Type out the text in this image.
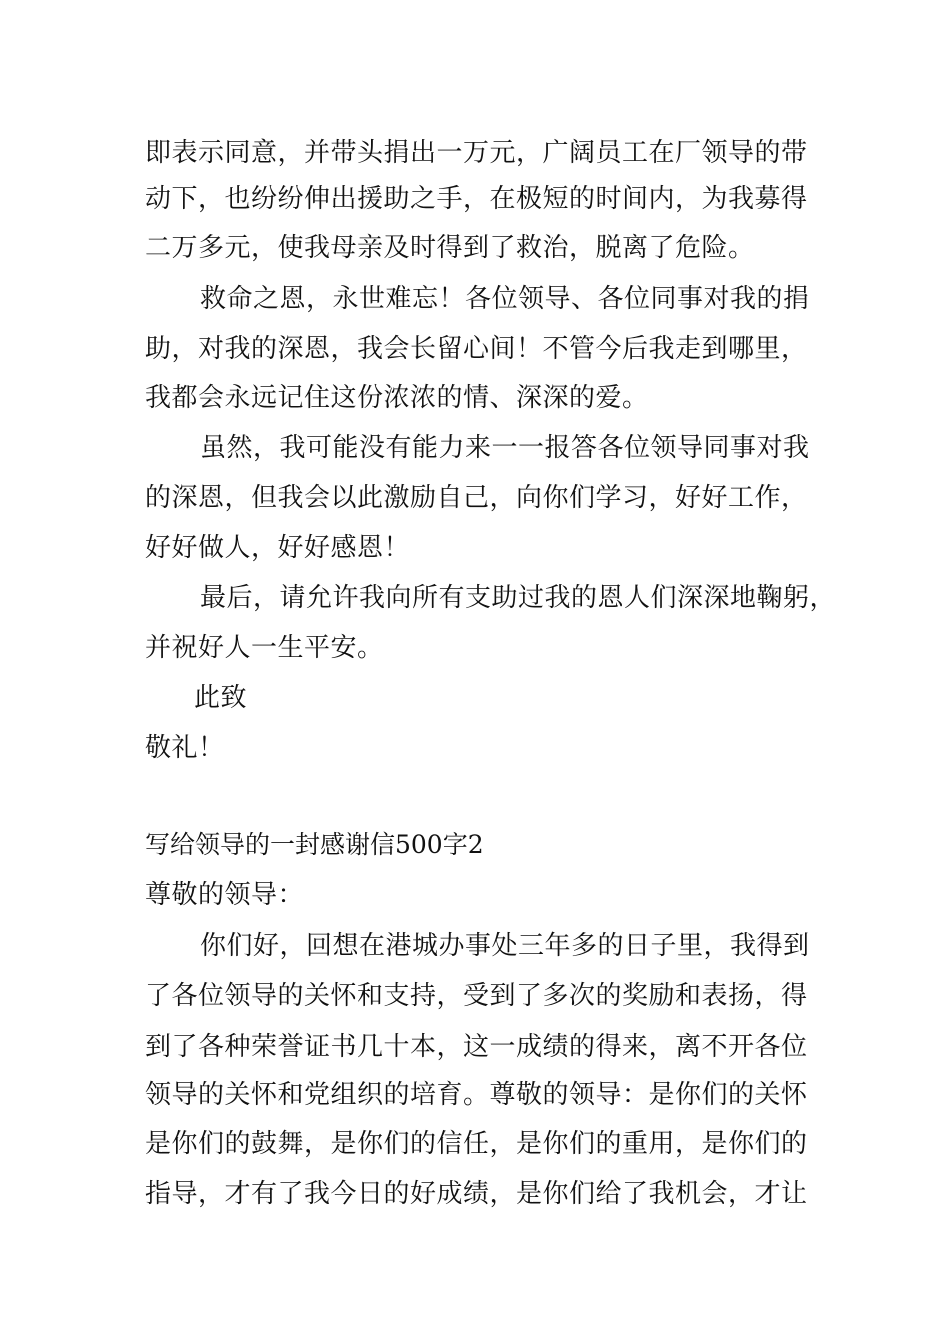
即表示同意，并带头捐出一万元，广阔员工在厂领导的带
动下，也纷纷伸出援助之手，在极短的时间内，为我募得
二万多元，使我母亲及时得到了救治，脱离了危险。
救命之恩，永世难忘！各位领导、各位同事对我的捐
助，对我的深恩，我会长留心间！不管今后我走到哪里，
我都会永远记住这份浓浓的情、深深的爱。
虽然，我可能没有能力来一一报答各位领导同事对我
的深恩，但我会以此激励自己，向你们学习，好好工作，
好好做人，好好感恩！
最后，请允许我向所有支助过我的恩人们深深地鞠躬，
并祝好人一生平安。
此致
敬礼！
写给领导的一封感谢信500字2
尊敬的领导：
你们好，回想在港城办事处三年多的日子里，我得到
了各位领导的关怀和支持，受到了多次的奖励和表扬，得
到了各种荣誉证书几十本，这一成绩的得来，离不开各位
领导的关怀和党组织的培育。尊敬的领导：是你们的关怀
是你们的鼓舞，是你们的信任，是你们的重用，是你们的
指导，才有了我今日的好成绩，是你们给了我机会，才让
